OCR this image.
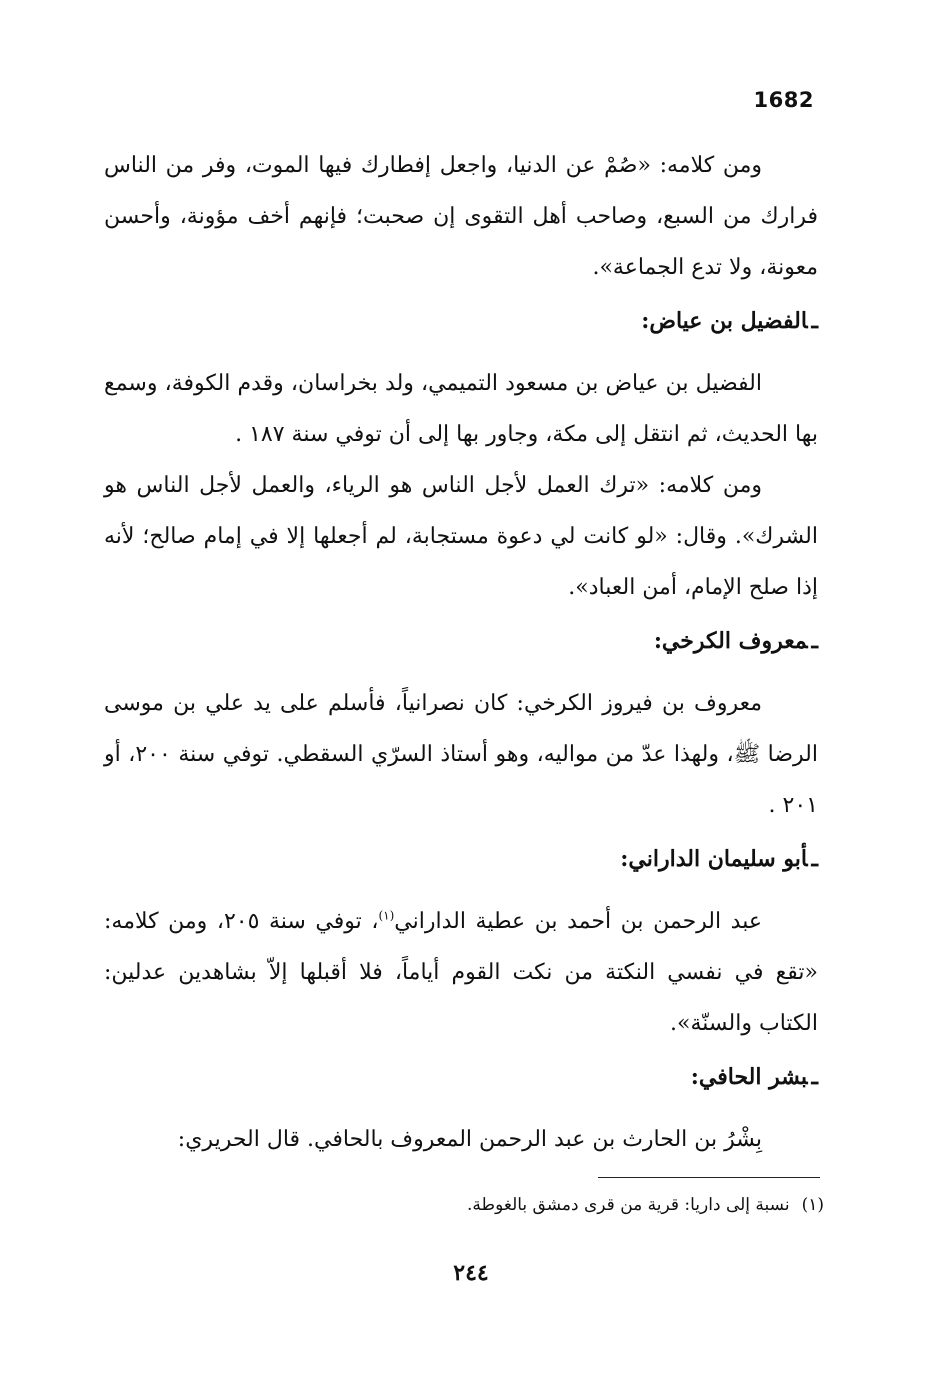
1682

ومن كلامه: «صُمْ عن الدنيا، واجعل إفطارك فيها الموت، وفر من الناس فرارك من السبع، وصاحب أهل التقوى إن صحبت؛ فإنهم أخف مؤونة، وأحسن معونة، ولا تدع الجماعة».

ـالفضيل بن عياض:

الفضيل بن عياض بن مسعود التميمي، ولد بخراسان، وقدم الكوفة، وسمع بها الحديث، ثم انتقل إلى مكة، وجاور بها إلى أن توفي سنة ١٨٧ .

ومن كلامه: «ترك العمل لأجل الناس هو الرياء، والعمل لأجل الناس هو الشرك». وقال: «لو كانت لي دعوة مستجابة، لم أجعلها إلا في إمام صالح؛ لأنه إذا صلح الإمام، أمن العباد».

ـمعروف الكرخي:

معروف بن فيروز الكرخي: كان نصرانياً، فأسلم على يد علي بن موسى الرضا ﷺ، ولهذا عدّ من مواليه، وهو أستاذ السرّي السقطي. توفي سنة ٢٠٠، أو ٢٠١ .

ـأبو سليمان الداراني:

عبد الرحمن بن أحمد بن عطية الداراني$^{(١)}$، توفي سنة ٢٠٥، ومن كلامه: «تقع في نفسي النكتة من نكت القوم أياماً، فلا أقبلها إلاّ بشاهدين عدلين: الكتاب والسنّة».

ـبشر الحافي:

بِشْرُ بن الحارث بن عبد الرحمن المعروف بالحافي. قال الحريري:

(١)نسبة إلى داريا: قرية من قرى دمشق بالغوطة.
٢٤٤
